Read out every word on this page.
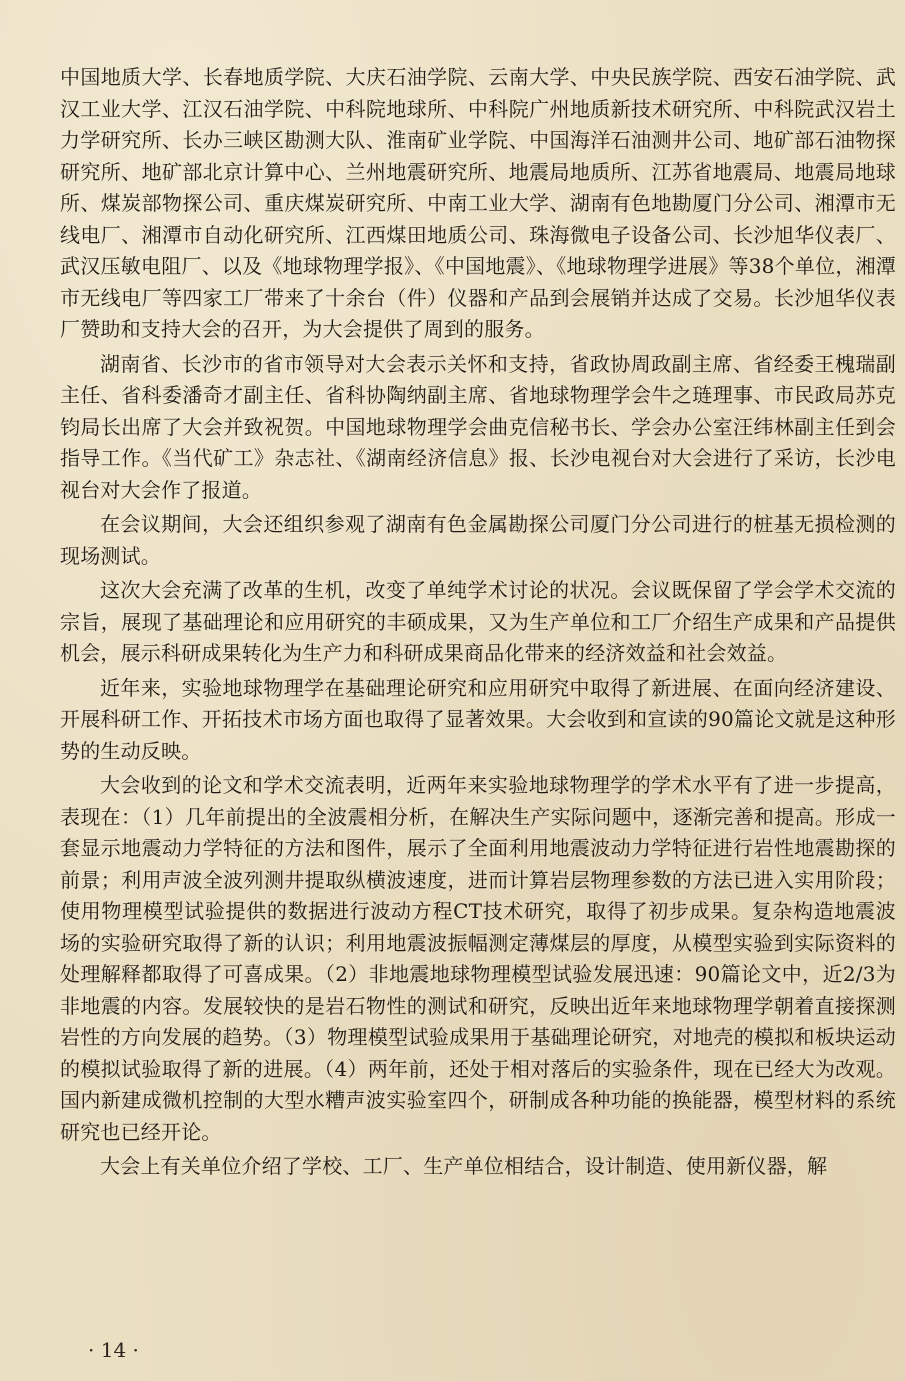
中国地质大学、长春地质学院、大庆石油学院、云南大学、中央民族学院、西安石油学院、武汉工业大学、江汉石油学院、中科院地球所、中科院广州地质新技术研究所、中科院武汉岩土力学研究所、长办三峡区勘测大队、淮南矿业学院、中国海洋石油测井公司、地矿部石油物探研究所、地矿部北京计算中心、兰州地震研究所、地震局地质所、江苏省地震局、地震局地球所、煤炭部物探公司、重庆煤炭研究所、中南工业大学、湖南有色地勘厦门分公司、湘潭市无线电厂、湘潭市自动化研究所、江西煤田地质公司、珠海微电子设备公司、长沙旭华仪表厂、武汉压敏电阻厂、以及《地球物理学报》、《中国地震》、《地球物理学进展》等38个单位，湘潭市无线电厂等四家工厂带来了十余台（件）仪器和产品到会展销并达成了交易。长沙旭华仪表厂赞助和支持大会的召开，为大会提供了周到的服务。

湖南省、长沙市的省市领导对大会表示关怀和支持，省政协周政副主席、省经委王槐瑞副主任、省科委潘奇才副主任、省科协陶纳副主席、省地球物理学会牛之琏理事、市民政局苏克钧局长出席了大会并致祝贺。中国地球物理学会曲克信秘书长、学会办公室汪纬林副主任到会指导工作。《当代矿工》杂志社、《湖南经济信息》报、长沙电视台对大会进行了采访，长沙电视台对大会作了报道。

在会议期间，大会还组织参观了湖南有色金属勘探公司厦门分公司进行的桩基无损检测的现场测试。

这次大会充满了改革的生机，改变了单纯学术讨论的状况。会议既保留了学会学术交流的宗旨，展现了基础理论和应用研究的丰硕成果，又为生产单位和工厂介绍生产成果和产品提供机会，展示科研成果转化为生产力和科研成果商品化带来的经济效益和社会效益。

近年来，实验地球物理学在基础理论研究和应用研究中取得了新进展、在面向经济建设、开展科研工作、开拓技术市场方面也取得了显著效果。大会收到和宣读的90篇论文就是这种形势的生动反映。

大会收到的论文和学术交流表明，近两年来实验地球物理学的学术水平有了进一步提高，表现在：（1）几年前提出的全波震相分析，在解决生产实际问题中，逐渐完善和提高。形成一套显示地震动力学特征的方法和图件，展示了全面利用地震波动力学特征进行岩性地震勘探的前景；利用声波全波列测井提取纵横波速度，进而计算岩层物理参数的方法已进入实用阶段；使用物理模型试验提供的数据进行波动方程CT技术研究，取得了初步成果。复杂构造地震波场的实验研究取得了新的认识；利用地震波振幅测定薄煤层的厚度，从模型实验到实际资料的处理解释都取得了可喜成果。（2）非地震地球物理模型试验发展迅速：90篇论文中，近2/3为非地震的内容。发展较快的是岩石物性的测试和研究，反映出近年来地球物理学朝着直接探测岩性的方向发展的趋势。（3）物理模型试验成果用于基础理论研究，对地壳的模拟和板块运动的模拟试验取得了新的进展。（4）两年前，还处于相对落后的实验条件，现在已经大为改观。国内新建成微机控制的大型水糟声波实验室四个，研制成各种功能的换能器，模型材料的系统研究也已经开论。

大会上有关单位介绍了学校、工厂、生产单位相结合，设计制造、使用新仪器，解

· 14 ·
